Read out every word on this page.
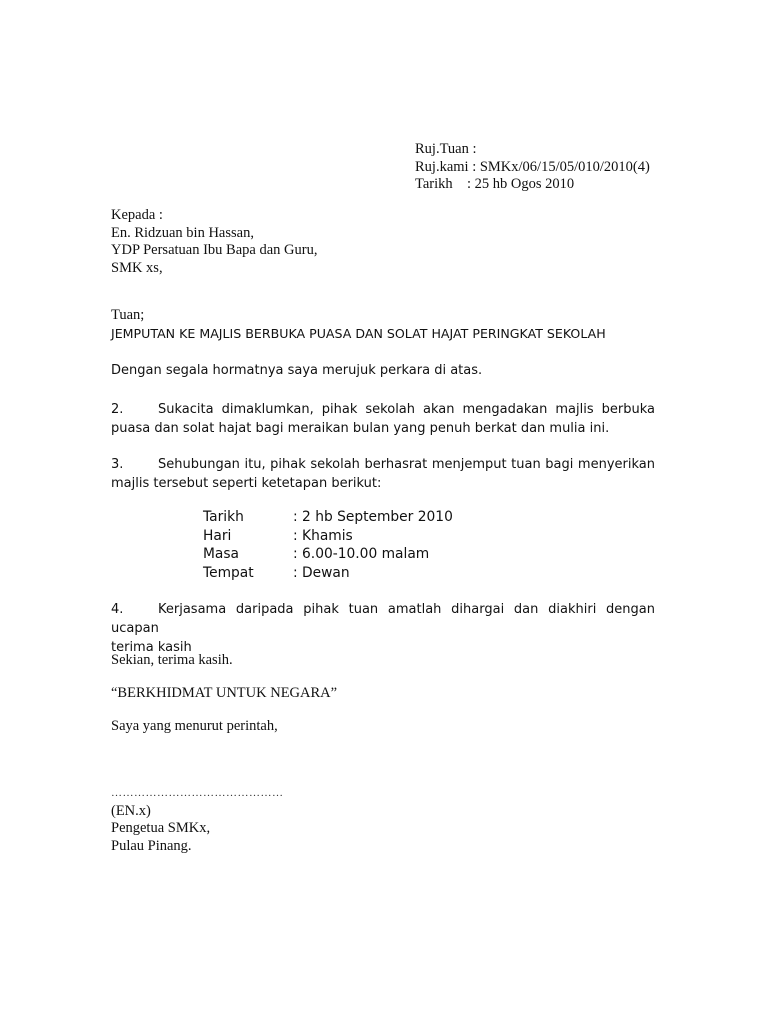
Ruj.Tuan :
Ruj.kami : SMKx/06/15/05/010/2010(4)
Tarikh : 25 hb Ogos 2010
Kepada :
En. Ridzuan bin Hassan,
YDP Persatuan Ibu Bapa dan Guru,
SMK xs,
Tuan;
JEMPUTAN KE MAJLIS BERBUKA PUASA DAN SOLAT HAJAT PERINGKAT SEKOLAH
Dengan segala hormatnya saya merujuk perkara di atas.
2.	Sukacita dimaklumkan, pihak sekolah akan mengadakan majlis berbuka
puasa dan solat hajat bagi meraikan bulan yang penuh berkat dan mulia ini.
3.	Sehubungan itu, pihak sekolah berhasrat menjemput tuan bagi menyerikan
majlis tersebut seperti ketetapan berikut:
Tarikh	: 2 hb September 2010
Hari	: Khamis
Masa	: 6.00-10.00 malam
Tempat	: Dewan
4.	Kerjasama daripada pihak tuan amatlah dihargai dan diakhiri dengan ucapan
terima kasih
Sekian, terima kasih.
“BERKHIDMAT UNTUK NEGARA”
Saya yang menurut perintah,
………………………………………
(EN.x)
Pengetua SMKx,
Pulau Pinang.
